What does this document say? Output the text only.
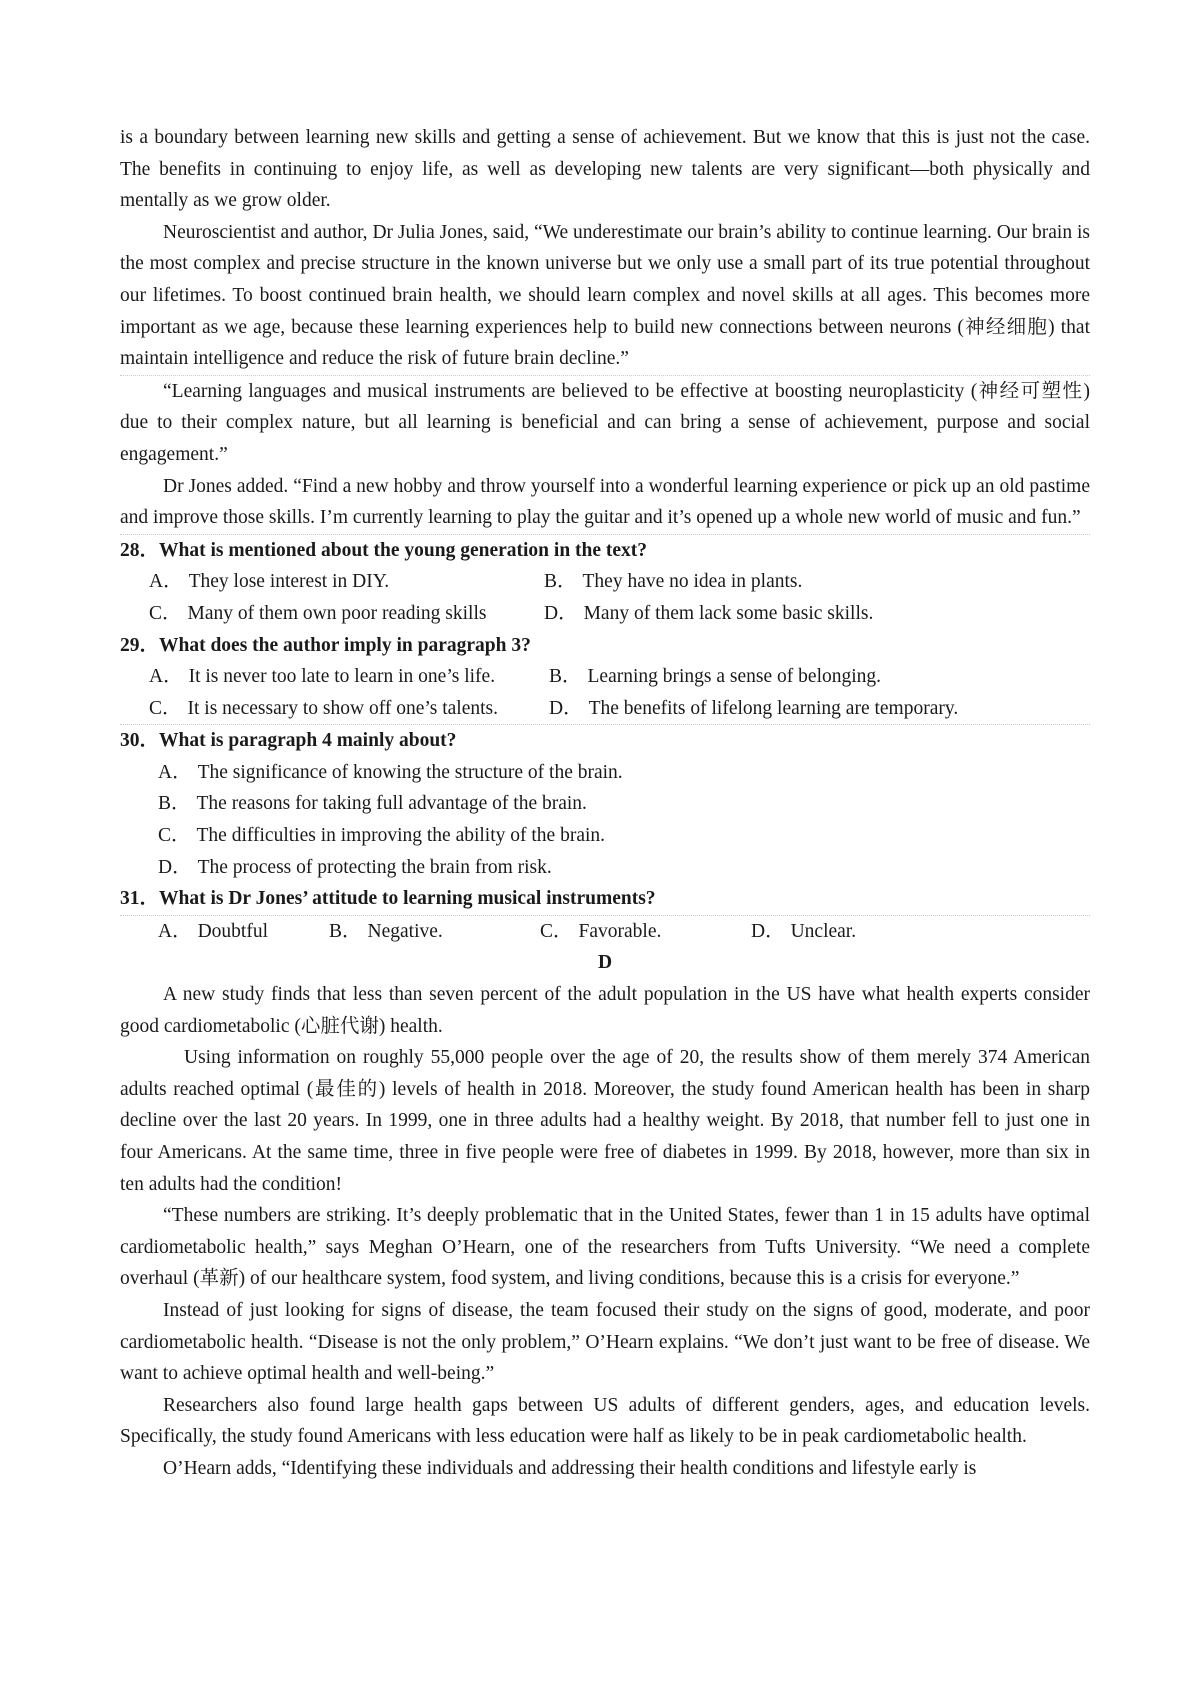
is a boundary between learning new skills and getting a sense of achievement. But we know that this is just not the case. The benefits in continuing to enjoy life, as well as developing new talents are very significant—both physically and mentally as we grow older.

Neuroscientist and author, Dr Julia Jones, said, “We underestimate our brain’s ability to continue learning. Our brain is the most complex and precise structure in the known universe but we only use a small part of its true potential throughout our lifetimes. To boost continued brain health, we should learn complex and novel skills at all ages. This becomes more important as we age, because these learning experiences help to build new connections between neurons (神经细胞) that maintain intelligence and reduce the risk of future brain decline.”

“Learning languages and musical instruments are believed to be effective at boosting neuroplasticity (神经可塑性) due to their complex nature, but all learning is beneficial and can bring a sense of achievement, purpose and social engagement.”

Dr Jones added. “Find a new hobby and throw yourself into a wonderful learning experience or pick up an old pastime and improve those skills. I’m currently learning to play the guitar and it’s opened up a whole new world of music and fun.”

28．What is mentioned about the young generation in the text?

A． They lose interest in DIY.	B． They have no idea in plants.
C． Many of them own poor reading skills	D． Many of them lack some basic skills.

29．What does the author imply in paragraph 3?

A． It is never too late to learn in one’s life.	B． Learning brings a sense of belonging.
C． It is necessary to show off one’s talents.	D． The benefits of lifelong learning are temporary.

30．What is paragraph 4 mainly about?

A． The significance of knowing the structure of the brain.
B． The reasons for taking full advantage of the brain.
C． The difficulties in improving the ability of the brain.
D． The process of protecting the brain from risk.

31．What is Dr Jones’ attitude to learning musical instruments?

A． Doubtful	B． Negative.	C． Favorable.	D． Unclear.

D

A new study finds that less than seven percent of the adult population in the US have what health experts consider good cardiometabolic (心脏代谢) health.

Using information on roughly 55,000 people over the age of 20, the results show of them merely 374 American adults reached optimal (最佳的) levels of health in 2018. Moreover, the study found American health has been in sharp decline over the last 20 years. In 1999, one in three adults had a healthy weight. By 2018, that number fell to just one in four Americans. At the same time, three in five people were free of diabetes in 1999. By 2018, however, more than six in ten adults had the condition!

“These numbers are striking. It’s deeply problematic that in the United States, fewer than 1 in 15 adults have optimal cardiometabolic health,” says Meghan O’Hearn, one of the researchers from Tufts University. “We need a complete overhaul (革新) of our healthcare system, food system, and living conditions, because this is a crisis for everyone.”

Instead of just looking for signs of disease, the team focused their study on the signs of good, moderate, and poor cardiometabolic health. “Disease is not the only problem,” O’Hearn explains. “We don’t just want to be free of disease. We want to achieve optimal health and well-being.”

Researchers also found large health gaps between US adults of different genders, ages, and education levels. Specifically, the study found Americans with less education were half as likely to be in peak cardiometabolic health.

O’Hearn adds, “Identifying these individuals and addressing their health conditions and lifestyle early is
